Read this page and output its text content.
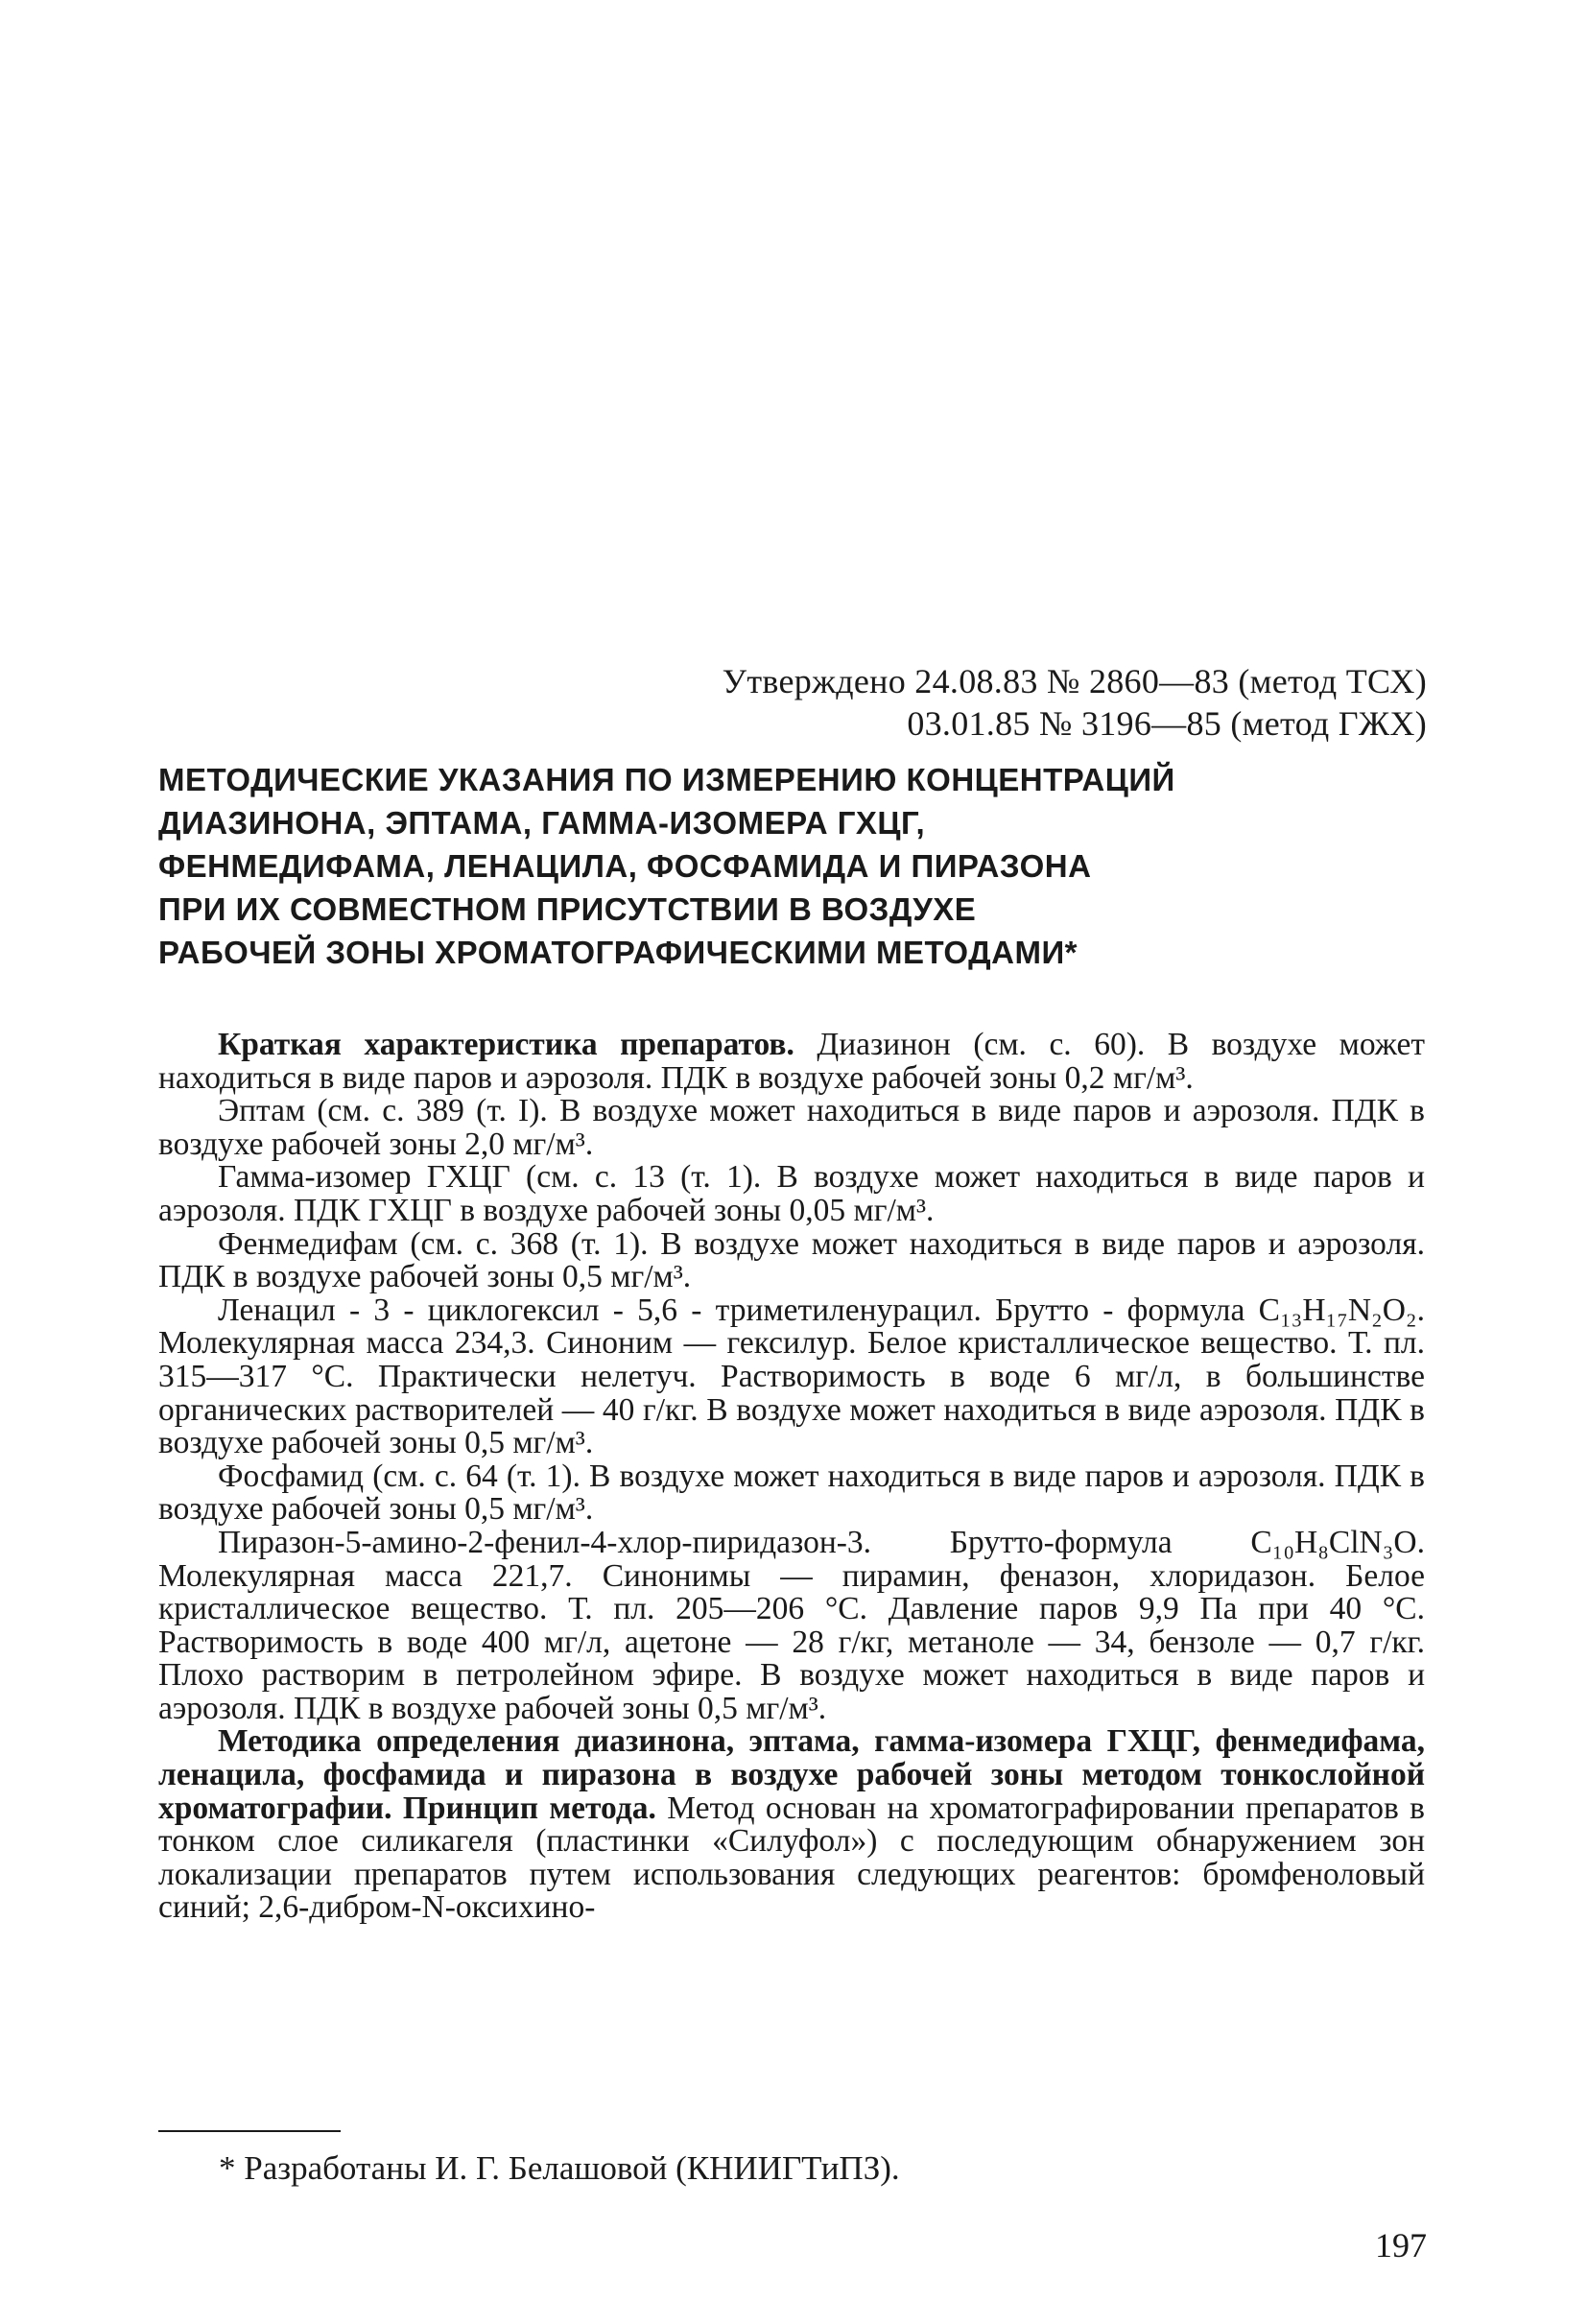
Утверждено 24.08.83 № 2860—83 (метод ТСХ)
03.01.85 № 3196—85 (метод ГЖХ)
МЕТОДИЧЕСКИЕ УКАЗАНИЯ ПО ИЗМЕРЕНИЮ КОНЦЕНТРАЦИЙ
ДИАЗИНОНА, ЭПТАМА, ГАММА-ИЗОМЕРА ГХЦГ,
ФЕНМЕДИФАМА, ЛЕНАЦИЛА, ФОСФАМИДА И ПИРАЗОНА
ПРИ ИХ СОВМЕСТНОМ ПРИСУТСТВИИ В ВОЗДУХЕ
РАБОЧЕЙ ЗОНЫ ХРОМАТОГРАФИЧЕСКИМИ МЕТОДАМИ*

Краткая характеристика препаратов. Диазинон (см. с. 60). В воздухе может находиться в виде паров и аэрозоля. ПДК в воздухе рабочей зоны 0,2 мг/м³.

Эптам (см. с. 389 (т. I). В воздухе может находиться в виде паров и аэрозоля. ПДК в воздухе рабочей зоны 2,0 мг/м³.

Гамма-изомер ГХЦГ (см. с. 13 (т. 1). В воздухе может находиться в виде паров и аэрозоля. ПДК ГХЦГ в воздухе рабочей зоны 0,05 мг/м³.

Фенмедифам (см. с. 368 (т. 1). В воздухе может находиться в виде паров и аэрозоля. ПДК в воздухе рабочей зоны 0,5 мг/м³.

Ленацил - 3 - циклогексил - 5,6 - триметиленурацил. Брутто - формула C₁₃H₁₇N₂O₂. Молекулярная масса 234,3. Синоним — гексилур. Белое кристаллическое вещество. Т. пл. 315—317 °С. Практически нелетуч. Растворимость в воде 6 мг/л, в большинстве органических растворителей — 40 г/кг. В воздухе может находиться в виде аэрозоля. ПДК в воздухе рабочей зоны 0,5 мг/м³.

Фосфамид (см. с. 64 (т. 1). В воздухе может находиться в виде паров и аэрозоля. ПДК в воздухе рабочей зоны 0,5 мг/м³.

Пиразон-5-амино-2-фенил-4-хлор-пиридазон-3. Брутто-формула C₁₀H₈ClN₃O. Молекулярная масса 221,7. Синонимы — пирамин, феназон, хлоридазон. Белое кристаллическое вещество. Т. пл. 205—206 °С. Давление паров 9,9 Па при 40 °С. Растворимость в воде 400 мг/л, ацетоне — 28 г/кг, метаноле — 34, бензоле — 0,7 г/кг. Плохо растворим в петролейном эфире. В воздухе может находиться в виде паров и аэрозоля. ПДК в воздухе рабочей зоны 0,5 мг/м³.

Методика определения диазинона, эптама, гамма-изомера ГХЦГ, фенмедифама, ленацила, фосфамида и пиразона в воздухе рабочей зоны методом тонкослойной хроматографии. Принцип метода. Метод основан на хроматографировании препаратов в тонком слое силикагеля (пластинки «Силуфол») с последующим обнаружением зон локализации препаратов путем использования следующих реагентов: бромфеноловый синий; 2,6-дибром-N-оксихино-

* Разработаны И. Г. Белашовой (КНИИГТиПЗ).
197
